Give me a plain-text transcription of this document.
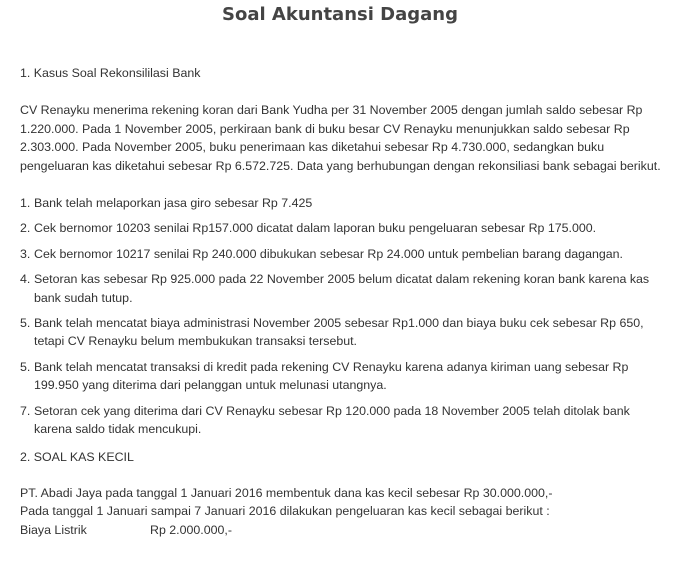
Soal Akuntansi Dagang
1. Kasus Soal Rekonsililasi Bank
CV Renayku menerima rekening koran dari Bank Yudha per 31 November 2005 dengan jumlah saldo sebesar Rp 1.220.000. Pada 1 November 2005, perkiraan bank di buku besar CV Renayku menunjukkan saldo sebesar Rp 2.303.000. Pada November 2005, buku penerimaan kas diketahui sebesar Rp 4.730.000, sedangkan buku pengeluaran kas diketahui sebesar Rp 6.572.725. Data yang berhubungan dengan rekonsiliasi bank sebagai berikut.
1. Bank telah melaporkan jasa giro sebesar Rp 7.425
2. Cek bernomor 10203 senilai Rp157.000 dicatat dalam laporan buku pengeluaran sebesar Rp 175.000.
3. Cek bernomor 10217 senilai Rp 240.000 dibukukan sebesar Rp 24.000 untuk pembelian barang dagangan.
4. Setoran kas sebesar Rp 925.000 pada 22 November 2005 belum dicatat dalam rekening koran bank karena kas bank sudah tutup.
5. Bank telah mencatat biaya administrasi November 2005 sebesar Rp1.000 dan biaya buku cek sebesar Rp 650, tetapi CV Renayku belum membukukan transaksi tersebut.
5. Bank telah mencatat transaksi di kredit pada rekening CV Renayku karena adanya kiriman uang sebesar Rp 199.950 yang diterima dari pelanggan untuk melunasi utangnya.
7. Setoran cek yang diterima dari CV Renayku sebesar Rp 120.000 pada 18 November 2005 telah ditolak bank karena saldo tidak mencukupi.
2. SOAL KAS KECIL
PT. Abadi Jaya pada tanggal 1 Januari 2016 membentuk dana kas kecil sebesar Rp 30.000.000,-
Pada tanggal 1 Januari sampai 7 Januari 2016 dilakukan pengeluaran kas kecil sebagai berikut :
Biaya Listrik	Rp 2.000.000,-
